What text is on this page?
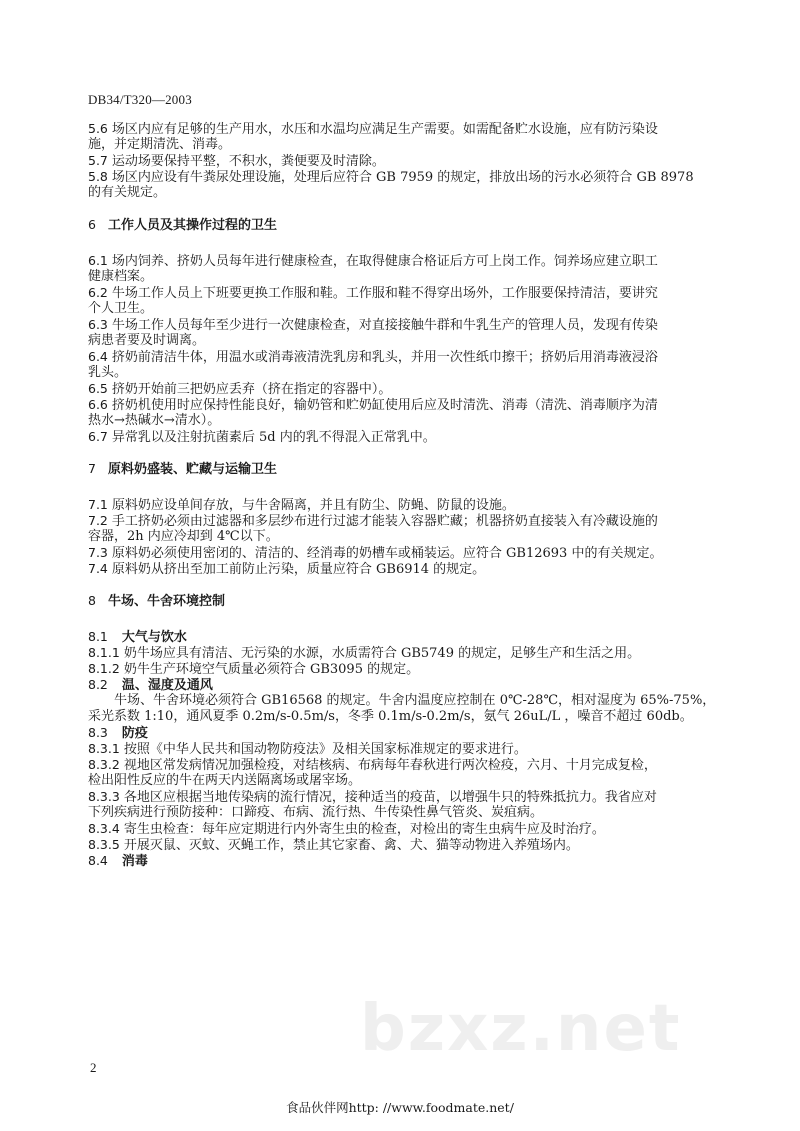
DB34/T320—2003
5.6 场区内应有足够的生产用水，水压和水温均应满足生产需要。如需配备贮水设施，应有防污染设
施，并定期清洗、消毒。
5.7 运动场要保持平整，不积水，粪便要及时清除。
5.8 场区内应设有牛粪尿处理设施，处理后应符合 GB 7959 的规定，排放出场的污水必须符合 GB 8978
的有关规定。
6 工作人员及其操作过程的卫生
6.1 场内饲养、挤奶人员每年进行健康检查，在取得健康合格证后方可上岗工作。饲养场应建立职工
健康档案。
6.2 牛场工作人员上下班要更换工作服和鞋。工作服和鞋不得穿出场外，工作服要保持清洁，要讲究
个人卫生。
6.3 牛场工作人员每年至少进行一次健康检查，对直接接触牛群和牛乳生产的管理人员，发现有传染
病患者要及时调离。
6.4 挤奶前清洁牛体，用温水或消毒液清洗乳房和乳头，并用一次性纸巾擦干；挤奶后用消毒液浸浴
乳头。
6.5 挤奶开始前三把奶应丢弃（挤在指定的容器中）。
6.6 挤奶机使用时应保持性能良好，输奶管和贮奶缸使用后应及时清洗、消毒（清洗、消毒顺序为清
热水→热碱水→清水）。
6.7 异常乳以及注射抗菌素后 5d 内的乳不得混入正常乳中。
7 原料奶盛装、贮藏与运输卫生
7.1 原料奶应设单间存放，与牛舍隔离，并且有防尘、防蝇、防鼠的设施。
7.2 手工挤奶必须由过滤器和多层纱布进行过滤才能装入容器贮藏；机器挤奶直接装入有冷藏设施的
容器，2h 内应冷却到 4℃以下。
7.3 原料奶必须使用密闭的、清洁的、经消毒的奶槽车或桶装运。应符合 GB12693 中的有关规定。
7.4 原料奶从挤出至加工前防止污染，质量应符合 GB6914 的规定。
8 牛场、牛舍环境控制
8.1 大气与饮水
8.1.1 奶牛场应具有清洁、无污染的水源，水质需符合 GB5749 的规定，足够生产和生活之用。
8.1.2 奶牛生产环境空气质量必须符合 GB3095 的规定。
8.2 温、湿度及通风
牛场、牛舍环境必须符合 GB16568 的规定。牛舍内温度应控制在 0℃-28℃，相对湿度为 65%-75%，
采光系数 1:10，通风夏季 0.2m/s-0.5m/s，冬季 0.1m/s-0.2m/s，氨气 26uL/L ，噪音不超过 60db。
8.3 防疫
8.3.1 按照《中华人民共和国动物防疫法》及相关国家标准规定的要求进行。
8.3.2 视地区常发病情况加强检疫，对结核病、布病每年春秋进行两次检疫，六月、十月完成复检，
检出阳性反应的牛在两天内送隔离场或屠宰场。
8.3.3 各地区应根据当地传染病的流行情况，接种适当的疫苗，以增强牛只的特殊抵抗力。我省应对
下列疾病进行预防接种：口蹄疫、布病、流行热、牛传染性鼻气管炎、炭疽病。
8.3.4 寄生虫检查：每年应定期进行内外寄生虫的检查，对检出的寄生虫病牛应及时治疗。
8.3.5 开展灭鼠、灭蚊、灭蝇工作，禁止其它家畜、禽、犬、猫等动物进入养殖场内。
8.4 消毒
bzxz.net
2
食品伙伴网http: //www.foodmate.net/
